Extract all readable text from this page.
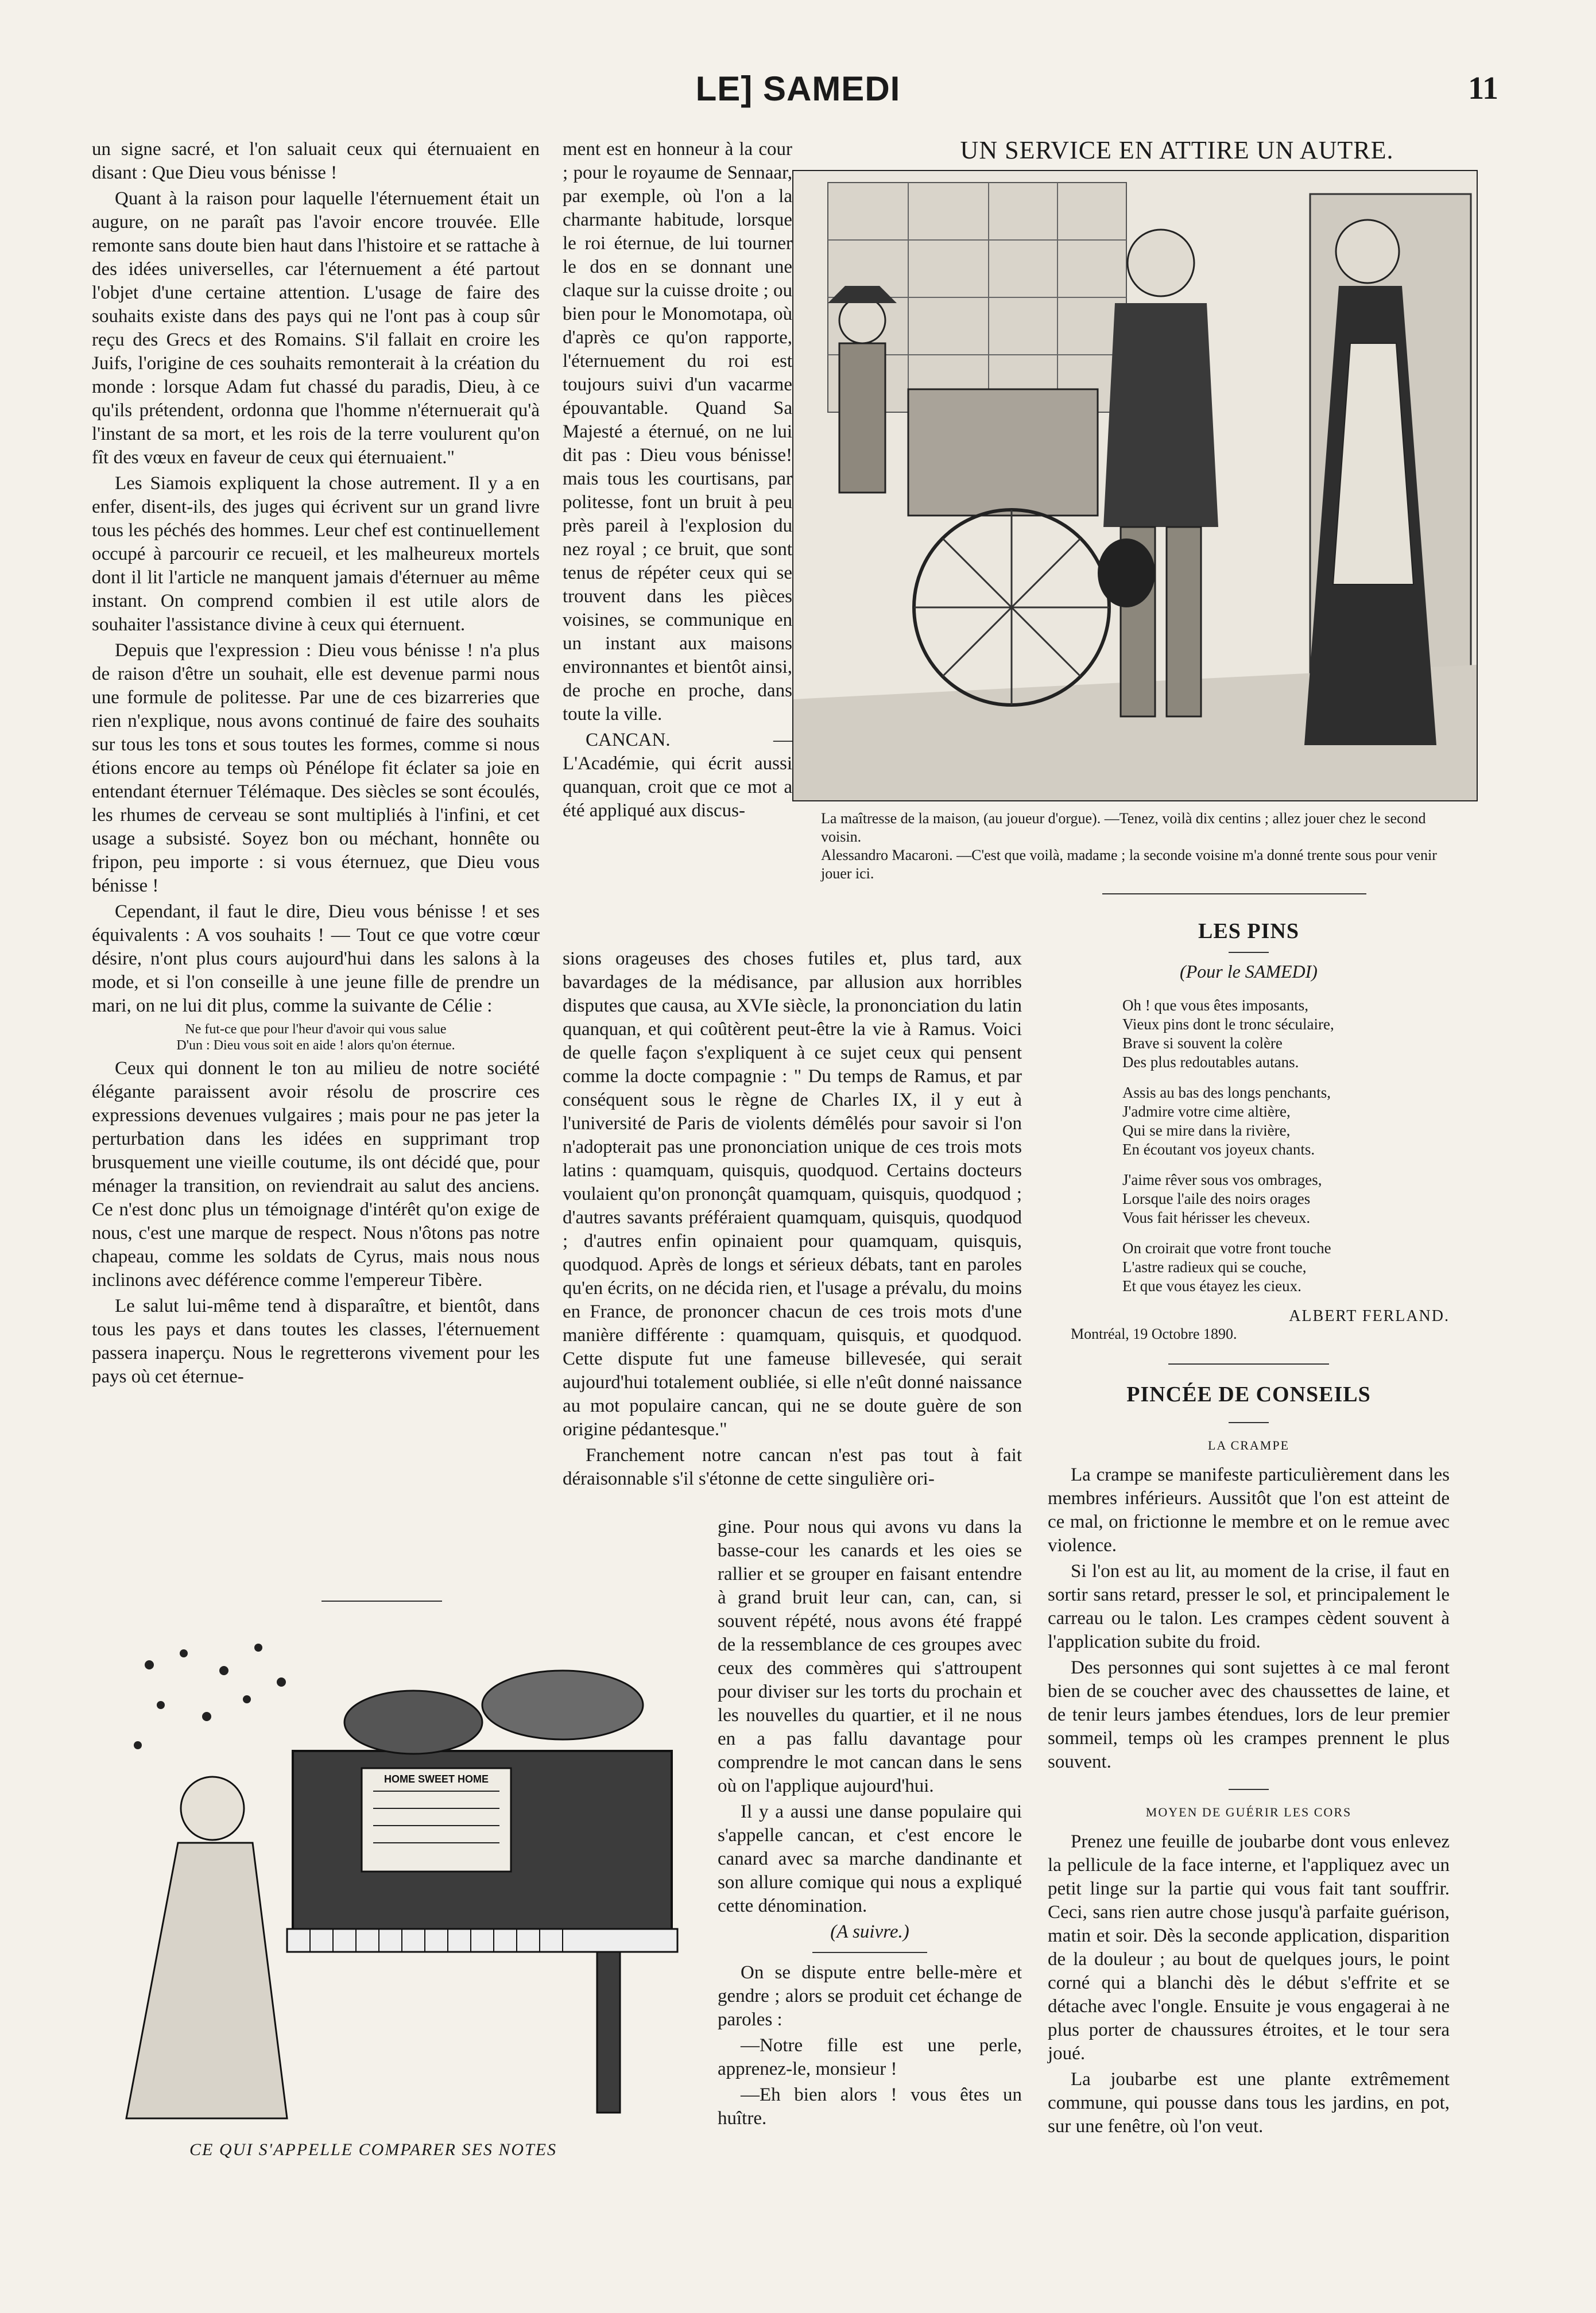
LE] SAMEDI	11

un signe sacré, et l'on saluait ceux qui éternuaient en disant : Que Dieu vous bénisse !

Quant à la raison pour laquelle l'éternuement était un augure, on ne paraît pas l'avoir encore trouvée. Elle remonte sans doute bien haut dans l'histoire et se rattache à des idées universelles, car l'éternuement a été partout l'objet d'une certaine attention. L'usage de faire des souhaits existe dans des pays qui ne l'ont pas à coup sûr reçu des Grecs et des Romains. S'il fallait en croire les Juifs, l'origine de ces souhaits remonterait à la création du monde : lorsque Adam fut chassé du paradis, Dieu, à ce qu'ils prétendent, ordonna que l'homme n'éternuerait qu'à l'instant de sa mort, et les rois de la terre voulurent qu'on fît des vœux en faveur de ceux qui éternuaient."

Les Siamois expliquent la chose autrement. Il y a en enfer, disent-ils, des juges qui écrivent sur un grand livre tous les péchés des hommes. Leur chef est continuellement occupé à parcourir ce recueil, et les malheureux mortels dont il lit l'article ne manquent jamais d'éternuer au même instant. On comprend combien il est utile alors de souhaiter l'assistance divine à ceux qui éternuent.

Depuis que l'expression : Dieu vous bénisse ! n'a plus de raison d'être un souhait, elle est devenue parmi nous une formule de politesse. Par une de ces bizarreries que rien n'explique, nous avons continué de faire des souhaits sur tous les tons et sous toutes les formes, comme si nous étions encore au temps où Pénélope fit éclater sa joie en entendant éternuer Télémaque. Des siècles se sont écoulés, les rhumes de cerveau se sont multipliés à l'infini, et cet usage a subsisté. Soyez bon ou méchant, honnête ou fripon, peu importe : si vous éternuez, que Dieu vous bénisse !

Cependant, il faut le dire, Dieu vous bénisse ! et ses équivalents : A vos souhaits ! — Tout ce que votre cœur désire, n'ont plus cours aujourd'hui dans les salons à la mode, et si l'on conseille à une jeune fille de prendre un mari, on ne lui dit plus, comme la suivante de Célie :

Ne fut-ce que pour l'heur d'avoir qui vous salue
D'un : Dieu vous soit en aide ! alors qu'on éternue.

Ceux qui donnent le ton au milieu de notre société élégante paraissent avoir résolu de proscrire ces expressions devenues vulgaires ; mais pour ne pas jeter la perturbation dans les idées en supprimant trop brusquement une vieille coutume, ils ont décidé que, pour ménager la transition, on reviendrait au salut des anciens. Ce n'est donc plus un témoignage d'intérêt qu'on exige de nous, c'est une marque de respect. Nous n'ôtons pas notre chapeau, comme les soldats de Cyrus, mais nous nous inclinons avec déférence comme l'empereur Tibère.

Le salut lui-même tend à disparaître, et bientôt, dans tous les pays et dans toutes les classes, l'éternuement passera inaperçu. Nous le regretterons vivement pour les pays où cet éternue-

ment est en honneur à la cour ; pour le royaume de Sennaar, par exemple, où l'on a la charmante habitude, lorsque le roi éternue, de lui tourner le dos en se donnant une claque sur la cuisse droite ; ou bien pour le Monomotapa, où d'après ce qu'on rapporte, l'éternuement du roi est toujours suivi d'un vacarme épouvantable. Quand Sa Majesté a éternué, on ne lui dit pas : Dieu vous bénisse! mais tous les courtisans, par politesse, font un bruit à peu près pareil à l'explosion du nez royal ; ce bruit, que sont tenus de répéter ceux qui se trouvent dans les pièces voisines, se communique en un instant aux maisons environnantes et bientôt ainsi, de proche en proche, dans toute la ville.

CANCAN. — L'Académie, qui écrit aussi quanquan, croit que ce mot a été appliqué aux discus-

sions orageuses des choses futiles et, plus tard, aux bavardages de la médisance, par allusion aux horribles disputes que causa, au XVIe siècle, la prononciation du latin quanquan, et qui coûtèrent peut-être la vie à Ramus. Voici de quelle façon s'expliquent à ce sujet ceux qui pensent comme la docte compagnie : " Du temps de Ramus, et par conséquent sous le règne de Charles IX, il y eut à l'université de Paris de violents démêlés pour savoir si l'on n'adopterait pas une prononciation unique de ces trois mots latins : quamquam, quisquis, quodquod. Certains docteurs voulaient qu'on prononçât quamquam, quisquis, quodquod ; d'autres savants préféraient quamquam, quisquis, quodquod ; d'autres enfin opinaient pour quamquam, quisquis, quodquod. Après de longs et sérieux débats, tant en paroles qu'en écrits, on ne décida rien, et l'usage a prévalu, du moins en France, de prononcer chacun de ces trois mots d'une manière différente : quamquam, quisquis, et quodquod. Cette dispute fut une fameuse billevesée, qui serait aujourd'hui totalement oubliée, si elle n'eût donné naissance au mot populaire cancan, qui ne se doute guère de son origine pédantesque."

Franchement notre cancan n'est pas tout à fait déraisonnable s'il s'étonne de cette singulière ori-

gine. Pour nous qui avons vu dans la basse-cour les canards et les oies se rallier et se grouper en faisant entendre à grand bruit leur can, can, can, si souvent répété, nous avons été frappé de la ressemblance de ces groupes avec ceux des commères qui s'attroupent pour diviser sur les torts du prochain et les nouvelles du quartier, et il ne nous en a pas fallu davantage pour comprendre le mot cancan dans le sens où on l'applique aujourd'hui.

Il y a aussi une danse populaire qui s'appelle cancan, et c'est encore le canard avec sa marche dandinante et son allure comique qui nous a expliqué cette dénomination.

(A suivre.)

On se dispute entre belle-mère et gendre ; alors se produit cet échange de paroles :

—Notre fille est une perle, apprenez-le, monsieur !

—Eh bien alors ! vous êtes un huître.

UN SERVICE EN ATTIRE UN AUTRE.
La maîtresse de la maison, (au joueur d'orgue). —Tenez, voilà dix centins ; allez jouer chez le second voisin.
Alessandro Macaroni. —C'est que voilà, madame ; la seconde voisine m'a donné trente sous pour venir jouer ici.
LES PINS
(Pour le SAMEDI)
Oh ! que vous êtes imposants,
Vieux pins dont le tronc séculaire,
Brave si souvent la colère
Des plus redoutables autans.
Assis au bas des longs penchants,
J'admire votre cime altière,
Qui se mire dans la rivière,
En écoutant vos joyeux chants.
J'aime rêver sous vos ombrages,
Lorsque l'aile des noirs orages
Vous fait hérisser les cheveux.
On croirait que votre front touche
L'astre radieux qui se couche,
Et que vous étayez les cieux.
ALBERT FERLAND.
Montréal, 19 Octobre 1890.
PINCÉE DE CONSEILS
LA CRAMPE

La crampe se manifeste particulièrement dans les membres inférieurs. Aussitôt que l'on est atteint de ce mal, on frictionne le membre et on le remue avec violence.

Si l'on est au lit, au moment de la crise, il faut en sortir sans retard, presser le sol, et principalement le carreau ou le talon. Les crampes cèdent souvent à l'application subite du froid.

Des personnes qui sont sujettes à ce mal feront bien de se coucher avec des chaussettes de laine, et de tenir leurs jambes étendues, lors de leur premier sommeil, temps où les crampes prennent le plus souvent.

MOYEN DE GUÉRIR LES CORS

Prenez une feuille de joubarbe dont vous enlevez la pellicule de la face interne, et l'appliquez avec un petit linge sur la partie qui vous fait tant souffrir. Ceci, sans rien autre chose jusqu'à parfaite guérison, matin et soir. Dès la seconde application, disparition de la douleur ; au bout de quelques jours, le point corné qui a blanchi dès le début s'effrite et se détache avec l'ongle. Ensuite je vous engagerai à ne plus porter de chaussures étroites, et le tour sera joué.

La joubarbe est une plante extrêmement commune, qui pousse dans tous les jardins, en pot, sur une fenêtre, où l'on veut.

HOME SWEET HOME
CE QUI S'APPELLE COMPARER SES NOTES
